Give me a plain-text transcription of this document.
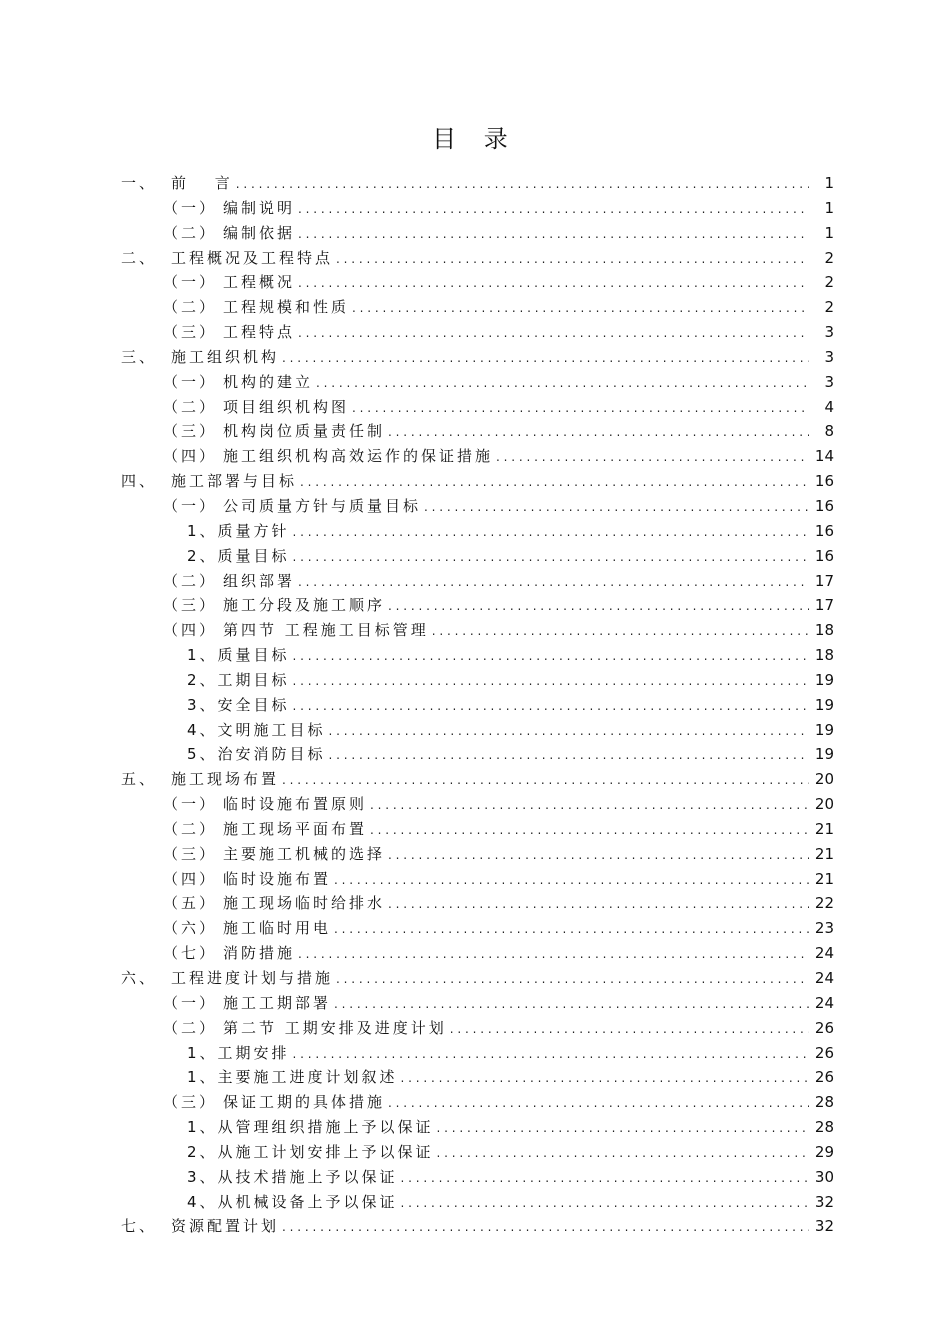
目 录
一、 前　 言 .....	1
（一） 编制说明 .....	1
（二） 编制依据 .....	1
二、 工程概况及工程特点 .....	2
（一） 工程概况 .....	2
（二） 工程规模和性质 .....	2
（三） 工程特点 .....	3
三、 施工组织机构 .....	3
（一） 机构的建立 .....	3
（二） 项目组织机构图 .....	4
（三） 机构岗位质量责任制 .....	8
（四） 施工组织机构高效运作的保证措施 .....	14
四、 施工部署与目标 .....	16
（一） 公司质量方针与质量目标 .....	16
1、质量方针 .....	16
2、质量目标 .....	16
（二） 组织部署 .....	17
（三） 施工分段及施工顺序 .....	17
（四） 第四节 工程施工目标管理 .....	18
1、质量目标 .....	18
2、工期目标 .....	19
3、安全目标 .....	19
4、文明施工目标 .....	19
5、治安消防目标 .....	19
五、 施工现场布置 .....	20
（一） 临时设施布置原则 .....	20
（二） 施工现场平面布置 .....	21
（三） 主要施工机械的选择 .....	21
（四） 临时设施布置 .....	21
（五） 施工现场临时给排水 .....	22
（六） 施工临时用电 .....	23
（七） 消防措施 .....	24
六、 工程进度计划与措施 .....	24
（一） 施工工期部署 .....	24
（二） 第二节 工期安排及进度计划 .....	26
1、工期安排 .....	26
1、主要施工进度计划叙述 .....	26
（三） 保证工期的具体措施 .....	28
1、从管理组织措施上予以保证 .....	28
2、从施工计划安排上予以保证 .....	29
3、从技术措施上予以保证 .....	30
4、从机械设备上予以保证 .....	32
七、 资源配置计划 .....	32
